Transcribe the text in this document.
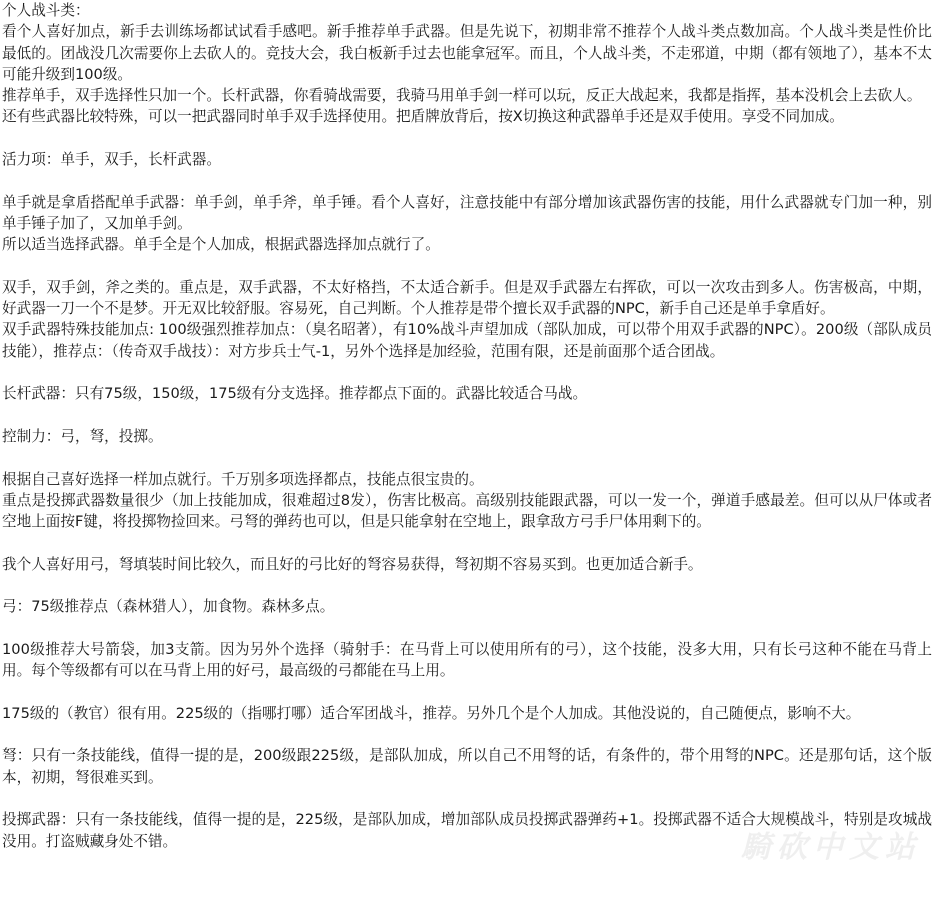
个人战斗类：

看个人喜好加点，新手去训练场都试试看手感吧。新手推荐单手武器。但是先说下，初期非常不推荐个人战斗类点数加高。个人战斗类是性价比最低的。团战没几次需要你上去砍人的。竞技大会，我白板新手过去也能拿冠军。而且，个人战斗类，不走邪道，中期（都有领地了），基本不太可能升级到100级。

推荐单手，双手选择性只加一个。长杆武器，你看骑战需要，我骑马用单手剑一样可以玩，反正大战起来，我都是指挥，基本没机会上去砍人。

还有些武器比较特殊，可以一把武器同时单手双手选择使用。把盾牌放背后，按X切换这种武器单手还是双手使用。享受不同加成。

活力项：单手，双手，长杆武器。

单手就是拿盾搭配单手武器：单手剑，单手斧，单手锤。看个人喜好，注意技能中有部分增加该武器伤害的技能，用什么武器就专门加一种，别单手锤子加了，又加单手剑。

所以适当选择武器。单手全是个人加成，根据武器选择加点就行了。

双手，双手剑，斧之类的。重点是，双手武器，不太好格挡，不太适合新手。但是双手武器左右挥砍，可以一次攻击到多人。伤害极高，中期，好武器一刀一个不是梦。开无双比较舒服。容易死，自己判断。个人推荐是带个擅长双手武器的NPC，新手自己还是单手拿盾好。

双手武器特殊技能加点: 100级强烈推荐加点：（臭名昭著），有10%战斗声望加成（部队加成，可以带个用双手武器的NPC）。200级（部队成员技能），推荐点：（传奇双手战技）：对方步兵士气-1，另外个选择是加经验，范围有限，还是前面那个适合团战。

长杆武器：只有75级，150级，175级有分支选择。推荐都点下面的。武器比较适合马战。

控制力：弓，弩，投掷。

根据自己喜好选择一样加点就行。千万别多项选择都点，技能点很宝贵的。

重点是投掷武器数量很少（加上技能加成，很难超过8发），伤害比极高。高级别技能跟武器，可以一发一个，弹道手感最差。但可以从尸体或者空地上面按F键，将投掷物捡回来。弓弩的弹药也可以，但是只能拿射在空地上，跟拿敌方弓手尸体用剩下的。

我个人喜好用弓，弩填装时间比较久，而且好的弓比好的弩容易获得，弩初期不容易买到。也更加适合新手。

弓：75级推荐点（森林猎人），加食物。森林多点。

100级推荐大号箭袋，加3支箭。因为另外个选择（骑射手：在马背上可以使用所有的弓），这个技能，没多大用，只有长弓这种不能在马背上用。每个等级都有可以在马背上用的好弓，最高级的弓都能在马上用。

175级的（教官）很有用。225级的（指哪打哪）适合军团战斗，推荐。另外几个是个人加成。其他没说的，自己随便点，影响不大。

弩：只有一条技能线，值得一提的是，200级跟225级，是部队加成，所以自己不用弩的话，有条件的，带个用弩的NPC。还是那句话，这个版本，初期，弩很难买到。

投掷武器：只有一条技能线，值得一提的是，225级，是部队加成，增加部队成员投掷武器弹药+1。投掷武器不适合大规模战斗，特别是攻城战没用。打盗贼藏身处不错。	騎砍中文站
